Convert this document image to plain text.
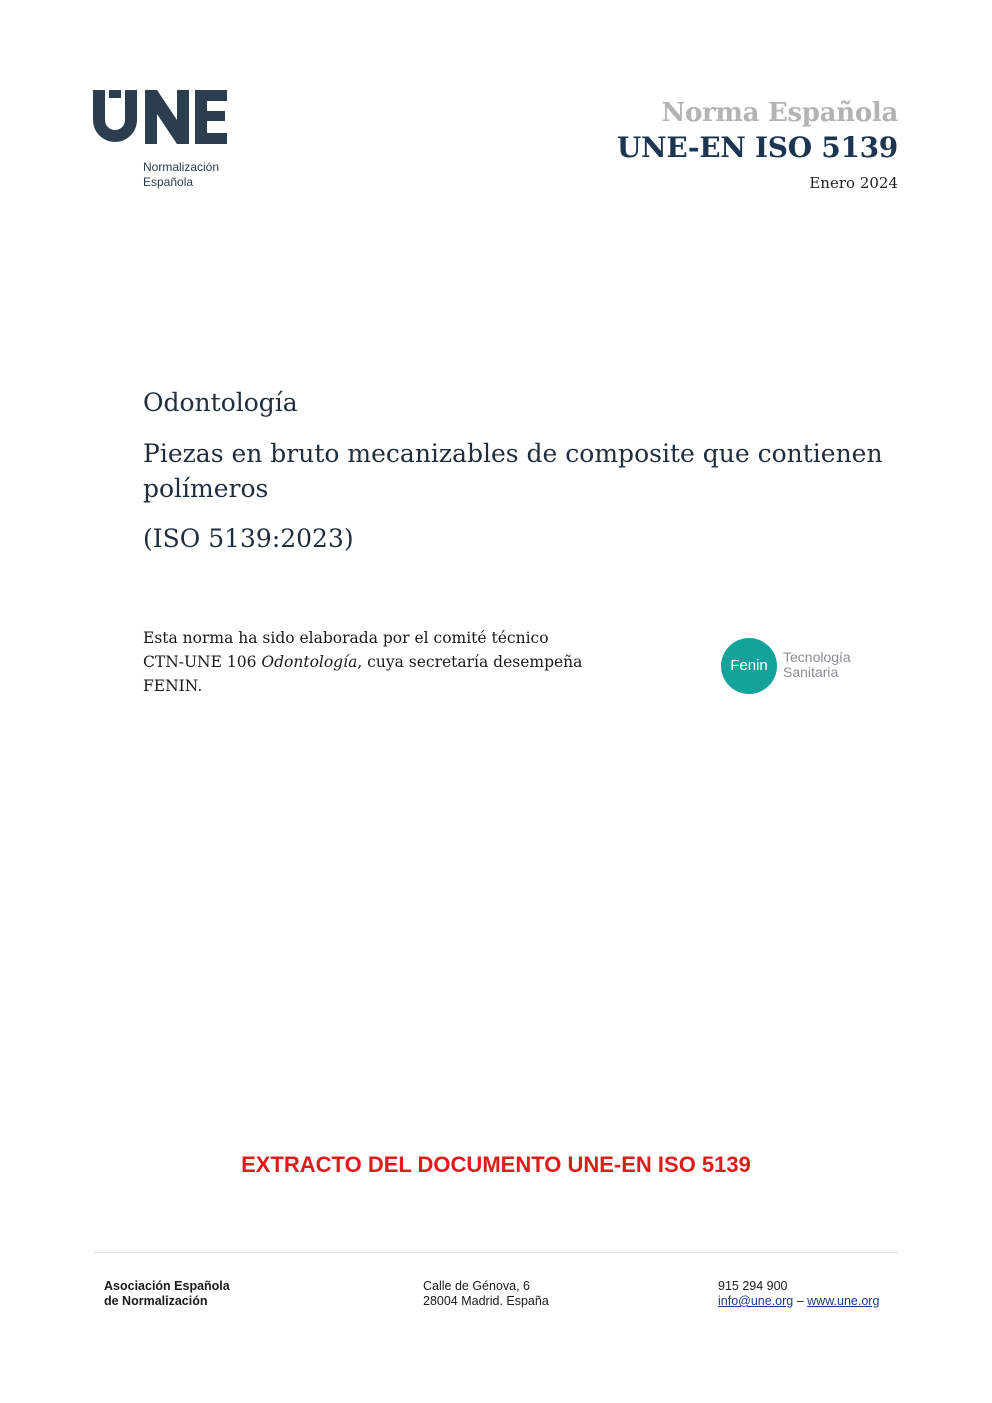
Normalización
Española
Norma Española
UNE-EN ISO 5139
Enero 2024
Odontología
Piezas en bruto mecanizables de composite que contienen polímeros
(ISO 5139:2023)
Esta norma ha sido elaborada por el comité técnico
CTN-UNE 106 Odontología, cuya secretaría desempeña
FENIN.
Fenin	Tecnología
Sanitaria
EXTRACTO DEL DOCUMENTO UNE-EN ISO 5139
Asociación Española
de Normalización
Calle de Génova, 6
28004 Madrid. España
915 294 900
info@une.org – www.une.org
